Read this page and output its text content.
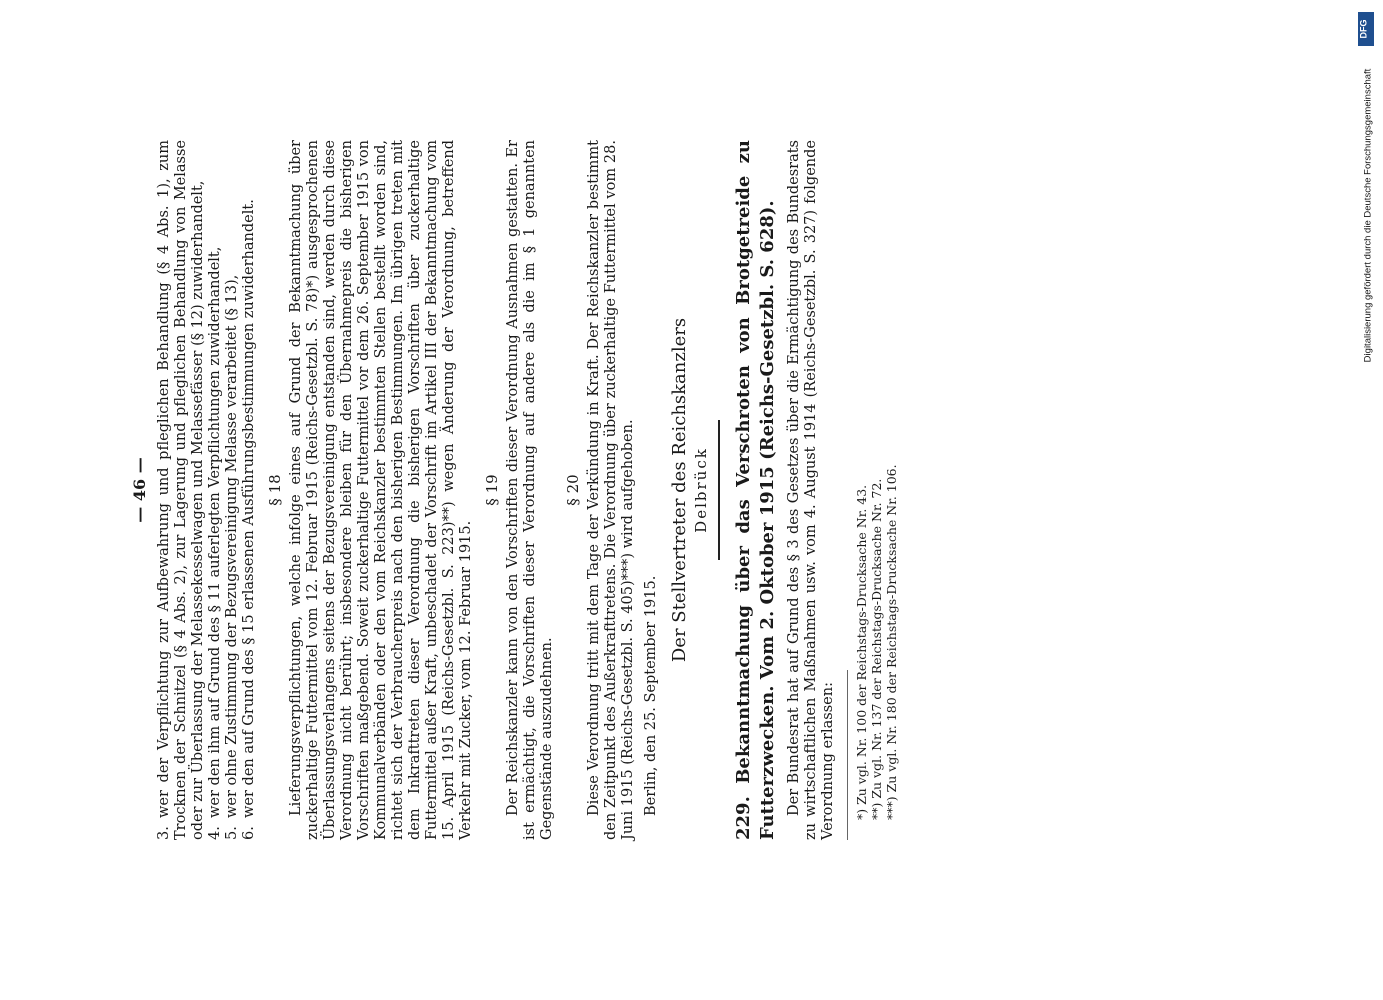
— 46 —

3.wer der Verpflichtung zur Aufbewahrung und pfleglichen Behandlung (§ 4 Abs. 1), zum Trocknen der Schnitzel (§ 4 Abs. 2), zur Lagerung und pfleglichen Behandlung von Melasse oder zur Überlassung der Melassekesselwagen und Melassefässer (§ 12) zuwiderhandelt, 4.wer den ihm auf Grund des § 11 auferlegten Verpflichtungen zuwiderhandelt,

5.wer ohne Zustimmung der Bezugsvereinigung Melasse verarbeitet (§ 13),

6.wer den auf Grund des § 15 erlassenen Ausführungsbestimmungen zuwiderhandelt. § 18 Lieferungsverpflichtungen, welche infolge eines auf Grund der Bekanntmachung über zuckerhaltige Futtermittel vom 12. Februar 1915 (Reichs-Gesetzbl. S. 78)*) ausgesprochenen Überlassungsverlangens seitens der Bezugsvereinigung entstanden sind, werden durch diese Verordnung nicht berührt; insbesondere bleiben für den Übernahmepreis die bisherigen Vorschriften maßgebend. Soweit zuckerhaltige Futtermittel vor dem 26. September 1915 von Kommunalverbänden oder den vom Reichskanzler bestimmten Stellen bestellt worden sind, richtet sich der Verbraucherpreis nach den bisherigen Bestimmungen. Im übrigen treten mit dem Inkrafttreten dieser Verordnung die bisherigen Vorschriften über zuckerhaltige Futtermittel außer Kraft, unbeschadet der Vorschrift im Artikel III der Bekanntmachung vom 15. April 1915 (Reichs-Gesetzbl. S. 223)**) wegen Änderung der Verordnung, betreffend Verkehr mit Zucker, vom 12. Februar 1915.

§ 19 Der Reichskanzler kann von den Vorschriften dieser Verordnung Ausnahmen gestatten. Er ist ermächtigt, die Vorschriften dieser Verordnung auf andere als die im § 1 genannten Gegenstände auszudehnen.

§ 20 Diese Verordnung tritt mit dem Tage der Verkündung in Kraft. Der Reichskanzler bestimmt den Zeitpunkt des Außerkrafttretens. Die Verordnung über zuckerhaltige Futtermittel vom 28. Juni 1915 (Reichs-Gesetzbl. S. 405)***) wird aufgehoben. Berlin, den 25. September 1915.

Der Stellvertreter des Reichskanzlers Delbrück 229. Bekanntmachung über das Verschroten von Brotgetreide zu Futterzwecken. Vom 2. Oktober 1915 (Reichs-Gesetzbl. S. 628). Der Bundesrat hat auf Grund des § 3 des Gesetzes über die Ermächtigung des Bundesrats zu wirtschaftlichen Maßnahmen usw. vom 4. August 1914 (Reichs-Gesetzbl. S. 327) folgende Verordnung erlassen: *) Zu vgl. Nr. 100 der Reichstags-Drucksache Nr. 43. **) Zu vgl. Nr. 137 der Reichstags-Drucksache Nr. 72. ***) Zu vgl. Nr. 180 der Reichstags-Drucksache Nr. 106.

DFG
Digitalisierung gefördert durch die Deutsche Forschungsgemeinschaft
